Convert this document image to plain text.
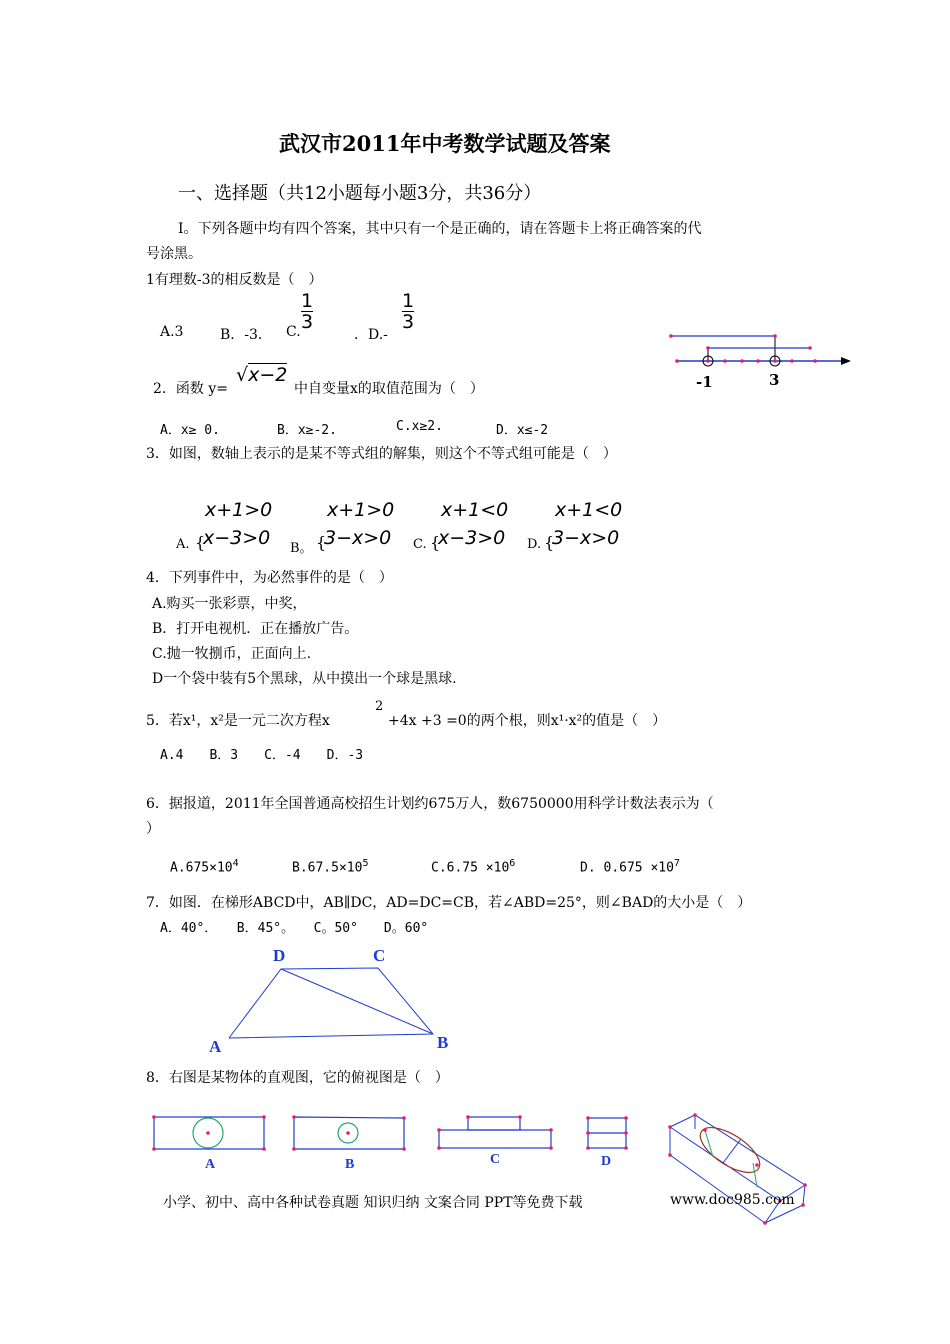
武汉市2011年中考数学试题及答案
一、选择题（共12小题每小题3分，共36分）
I。下列各题中均有四个答案，其中只有一个是正确的，请在答题卡上将正确答案的代
号涂黑。
1有理数-3的相反数是（　）
A.3	B．-3． C. $\frac{1}{3}$
．D.-
$\frac{1}{3}$
-1	3
2．函数 y=
√x−2
中自变量x的取值范围为（　）
A．x≥ 0.	B．x≥-2.	C.x≥2.	D．x≤-2
3．如图，数轴上表示的是某不等式组的解集，则这个不等式组可能是（　）
x+1>0
A. {
x−3>0
x+1>0
B。 {
3−x>0
x+1<0
C. {
x−3>0
x+1<0
D. {
3−x>0
4．下列事件中，为必然事件的是（　）
A.购买一张彩票，中奖，
B．打开电视机．正在播放广告。
C.抛一牧捌币，正面向上.
D一个袋中装有5个黑球，从中摸出一个球是黑球.
5．若x¹，x²是一元二次方程x
2
+4x +3 =0的两个根，则x¹·x²的值是（　）
A.4　　B．3　　C．-4　　D．-3
6．据报道，2011年全国普通高校招生计划约675万人，数6750000用科学计数法表示为（
）
$A.675\times 10^4$	$B.67.5\times 10^5$	$C.6.75 \times 10^6$	D. $0.675 \times 10^7$
7．如图．在梯形ABCD中，AB∥DC，AD=DC=CB，若∠ABD=25°，则∠BAD的大小是（　）
A．40°．　　B．45°。　　C。50°　　D。60°
D	C
A	B
8．右图是某物体的直观图，它的俯视图是（　）
A	B	C	D
小学、初中、高中各种试卷真题 知识归纳 文案合同 PPT等免费下载	www.doc985.com
